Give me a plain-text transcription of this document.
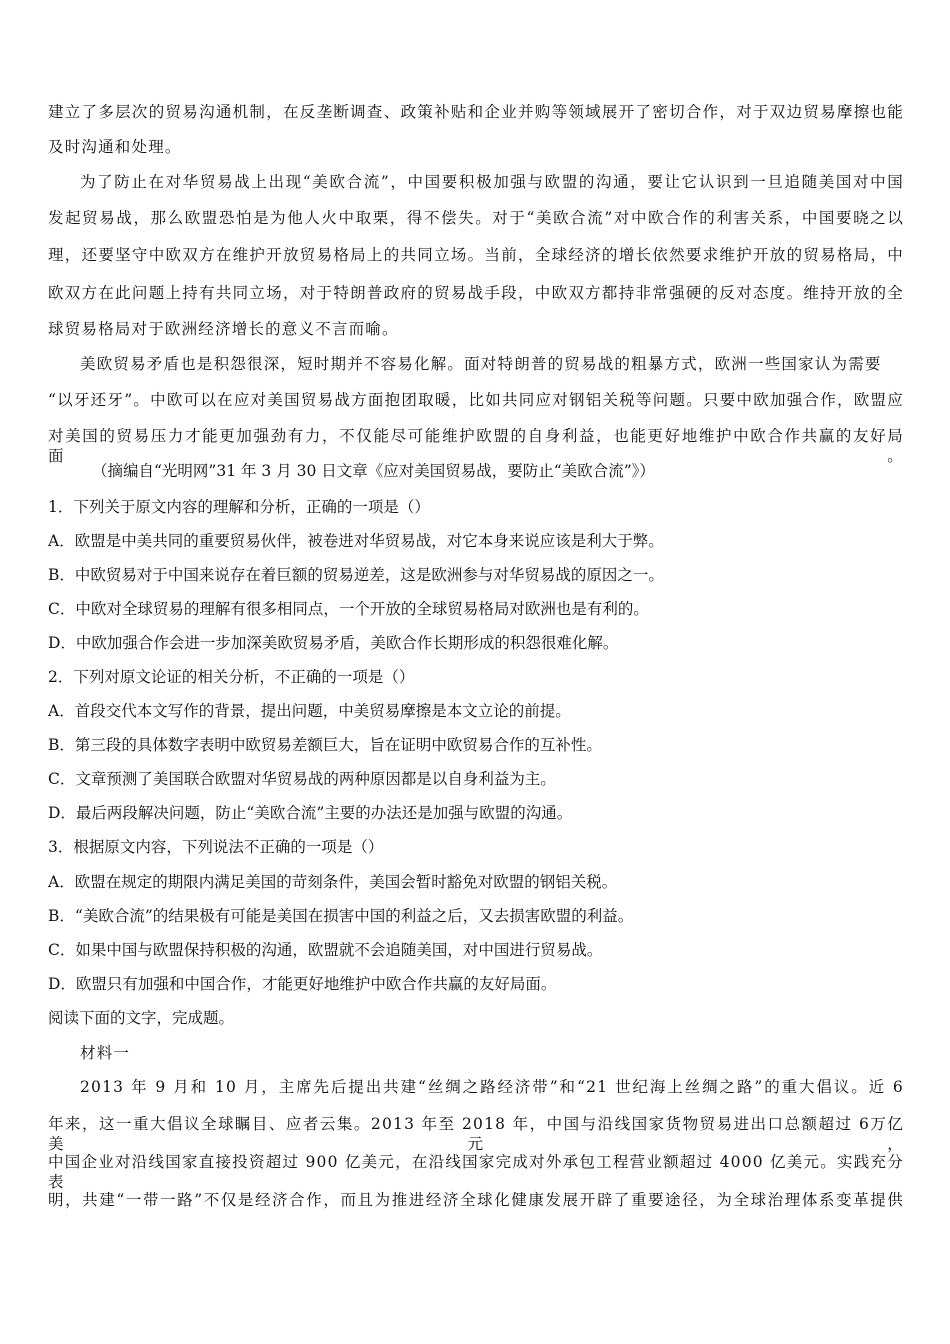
建立了多层次的贸易沟通机制，在反垄断调查、政策补贴和企业并购等领域展开了密切合作，对于双边贸易摩擦也能
及时沟通和处理。
为了防止在对华贸易战上出现“美欧合流”，中国要积极加强与欧盟的沟通，要让它认识到一旦追随美国对中国
发起贸易战，那么欧盟恐怕是为他人火中取栗，得不偿失。对于“美欧合流”对中欧合作的利害关系，中国要晓之以
理，还要坚守中欧双方在维护开放贸易格局上的共同立场。当前，全球经济的增长依然要求维护开放的贸易格局，中
欧双方在此问题上持有共同立场，对于特朗普政府的贸易战手段，中欧双方都持非常强硬的反对态度。维持开放的全
球贸易格局对于欧洲经济增长的意义不言而喻。
美欧贸易矛盾也是积怨很深，短时期并不容易化解。面对特朗普的贸易战的粗暴方式，欧洲一些国家认为需要
“以牙还牙”。中欧可以在应对美国贸易战方面抱团取暖，比如共同应对钢铝关税等问题。只要中欧加强合作，欧盟应
对美国的贸易压力才能更加强劲有力，不仅能尽可能维护欧盟的自身利益，也能更好地维护中欧合作共赢的友好局面。
（摘编自“光明网”31 年 3 月 30 日文章《应对美国贸易战，要防止“美欧合流”》）
1．下列关于原文内容的理解和分析，正确的一项是（）
A．欧盟是中美共同的重要贸易伙伴，被卷进对华贸易战，对它本身来说应该是利大于弊。
B．中欧贸易对于中国来说存在着巨额的贸易逆差，这是欧洲参与对华贸易战的原因之一。
C．中欧对全球贸易的理解有很多相同点，一个开放的全球贸易格局对欧洲也是有利的。
D．中欧加强合作会进一步加深美欧贸易矛盾，美欧合作长期形成的积怨很难化解。
2．下列对原文论证的相关分析，不正确的一项是（）
A．首段交代本文写作的背景，提出问题，中美贸易摩擦是本文立论的前提。
B．第三段的具体数字表明中欧贸易差额巨大，旨在证明中欧贸易合作的互补性。
C．文章预测了美国联合欧盟对华贸易战的两种原因都是以自身利益为主。
D．最后两段解决问题，防止“美欧合流”主要的办法还是加强与欧盟的沟通。
3．根据原文内容，下列说法不正确的一项是（）
A．欧盟在规定的期限内满足美国的苛刻条件，美国会暂时豁免对欧盟的钢铝关税。
B．“美欧合流”的结果极有可能是美国在损害中国的利益之后，又去损害欧盟的利益。
C．如果中国与欧盟保持积极的沟通，欧盟就不会追随美国，对中国进行贸易战。
D．欧盟只有加强和中国合作，才能更好地维护中欧合作共赢的友好局面。
阅读下面的文字，完成题。
材料一
2013 年 9 月和 10 月，主席先后提出共建“丝绸之路经济带”和“21 世纪海上丝绸之路”的重大倡议。近 6
年来，这一重大倡议全球瞩目、应者云集。2013 年至 2018 年，中国与沿线国家货物贸易进出口总额超过 6万亿美元，
中国企业对沿线国家直接投资超过 900 亿美元，在沿线国家完成对外承包工程营业额超过 4000 亿美元。实践充分表
明，共建“一带一路”不仅是经济合作，而且为推进经济全球化健康发展开辟了重要途径，为全球治理体系变革提供
